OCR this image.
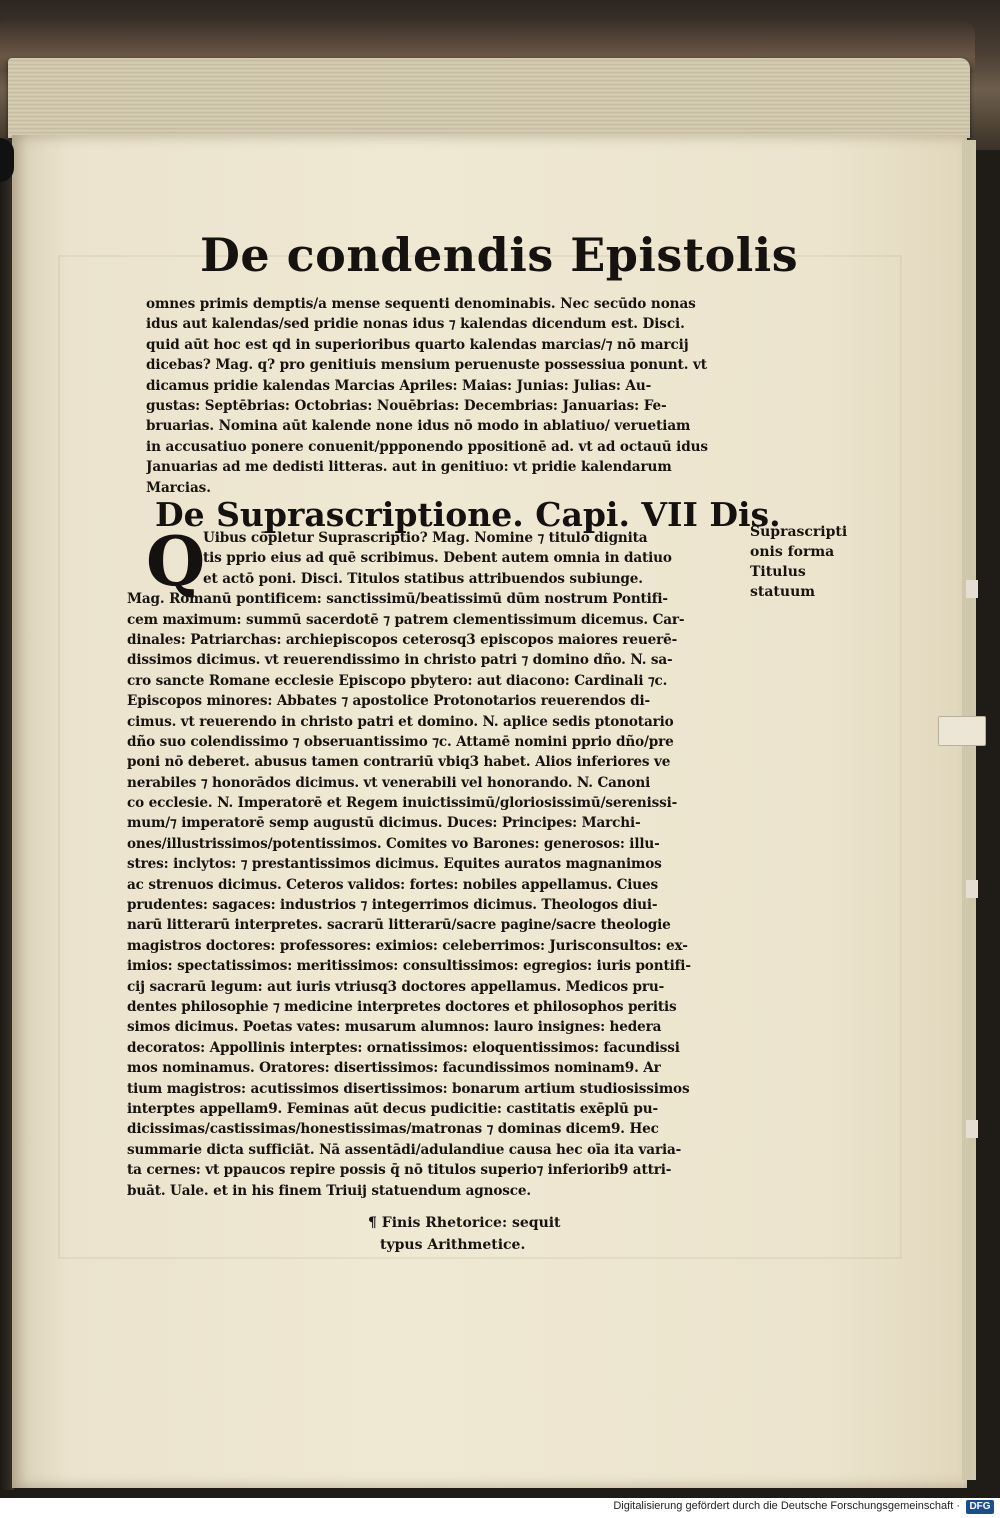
De condendis Epistolis
omnes primis demptis/a mense sequenti denominabis. Nec secūdo nonas
idus aut kalendas/sed pridie nonas idus ⁊ kalendas dicendum est. Disci.
quid aūt hoc est qd in superioribus quarto kalendas marcias/⁊ nō marcij
dicebas? Mag. q? pro genitiuis mensium peruenuste possessiua ponunt. vt
dicamus pridie kalendas Marcias Apriles: Maias: Junias: Julias: Au-
gustas: Septēbrias: Octobrias: Nouēbrias: Decembrias: Januarias: Fe-
bruarias. Nomina aūt kalende none idus nō modo in ablatiuo/ veruetiam
in accusatiuo ponere conuenit/ppponendo ppositionē ad. vt ad octauū idus
Januarias ad me dedisti litteras. aut in genitiuo: vt pridie kalendarum
Marcias.
De Suprascriptione. Capi. VII Dis.
Q
Uibus cōpletur Suprascriptio? Mag. Nomine ⁊ titulo dignita
tis pprio eius ad quē scribimus. Debent autem omnia in datiuo
et actō poni. Disci. Titulos statibus attribuendos subiunge.
Mag. Romanū pontificem: sanctissimū/beatissimū dūm nostrum Pontifi-
cem maximum: summū sacerdotē ⁊ patrem clementissimum dicemus. Car-
dinales: Patriarchas: archiepiscopos ceterosq3 episcopos maiores reuerē-
dissimos dicimus. vt reuerendissimo in christo patri ⁊ domino dño. N. sa-
cro sancte Romane ecclesie Episcopo pbytero: aut diacono: Cardinali ⁊c.
Episcopos minores: Abbates ⁊ apostolice Protonotarios reuerendos di-
cimus. vt reuerendo in christo patri et domino. N. aplice sedis ptonotario
dño suo colendissimo ⁊ obseruantissimo ⁊c. Attamē nomini pprio dño/pre
poni nō deberet. abusus tamen contrariū vbiq3 habet. Alios inferiores ve
nerabiles ⁊ honorādos dicimus. vt venerabili vel honorando. N. Canoni
co ecclesie. N. Imperatorē et Regem inuictissimū/gloriosissimū/serenissi-
mum/⁊ imperatorē semp augustū dicimus. Duces: Principes: Marchi-
ones/illustrissimos/potentissimos. Comites vo Barones: generosos: illu-
stres: inclytos: ⁊ prestantissimos dicimus. Equites auratos magnanimos
ac strenuos dicimus. Ceteros validos: fortes: nobiles appellamus. Ciues
prudentes: sagaces: industrios ⁊ integerrimos dicimus. Theologos diui-
narū litterarū interpretes. sacrarū litterarū/sacre pagine/sacre theologie
magistros doctores: professores: eximios: celeberrimos: Jurisconsultos: ex-
imios: spectatissimos: meritissimos: consultissimos: egregios: iuris pontifi-
cij sacrarū legum: aut iuris vtriusq3 doctores appellamus. Medicos pru-
dentes philosophie ⁊ medicine interpretes doctores et philosophos peritis
simos dicimus. Poetas vates: musarum alumnos: lauro insignes: hedera
decoratos: Appollinis interptes: ornatissimos: eloquentissimos: facundissi
mos nominamus. Oratores: disertissimos: facundissimos nominam9. Ar
tium magistros: acutissimos disertissimos: bonarum artium studiosissimos
interptes appellam9. Feminas aūt decus pudicitie: castitatis exēplū pu-
dicissimas/castissimas/honestissimas/matronas ⁊ dominas dicem9. Hec
summarie dicta sufficiāt. Nā assentādi/adulandiue causa hec oīa ita varia-
ta cernes: vt ppaucos repire possis q̄ nō titulos superio⁊ inferiorib9 attri-
buāt. Uale. et in his finem Triuij statuendum agnosce.
Suprascripti
onis forma
Titulus
statuum
¶ Finis Rhetorice: sequit
typus Arithmetice.
Digitalisierung gefördert durch die Deutsche Forschungsgemeinschaft · DFG
